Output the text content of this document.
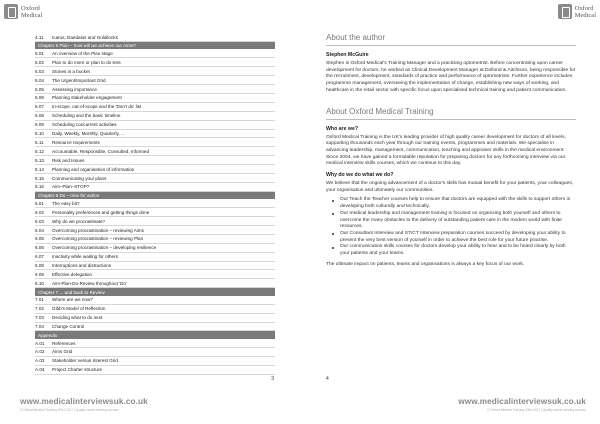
Oxford
Medical
4.11	Icarus, Daedalus and Goldilocks
Chapter 5 Plan – how will we achieve our Aims?
5.01	An overview of the Plan stage
5.02	Plan to do more or plan to do less
5.03	Stones in a bucket
5.04	The Urgent/Important Grid
5.05	Assessing importance
5.06	Planning stakeholder engagement
5.07	In-scope, out-of-scope and the 'Don't do' list
5.08	Scheduling and the basic timeline
5.09	Scheduling concurrent activities
5.10	Daily, Weekly, Monthly, Quarterly, ...
5.11	Resource requirements
5.12	Accountable, Responsible, Consulted, Informed
5.13	Risk and Issues
5.14	Planning and organisation of information
5.15	Communicating your plans
5.16	Aim–Plan–STOP?
Chapter 6 Do – time for action
6.01	The easy bit?
6.02	Personality preferences and getting things done
6.03	Why do we procrastinate?
6.04	Overcoming procrastination – reviewing Aims
6.05	Overcoming procrastination – reviewing Plan
6.06	Overcoming procrastination – developing resilience
6.07	Inactivity while waiting for others
6.08	Interruptions and distractions
6.09	Effective delegation
6.10	Aim-Plan-Do-Review throughout 'Do'
Chapter 7 ... and back to Review
7.01	Where are we now?
7.02	Gibb's Model of Reflection
7.03	Deciding what to do next
7.04	Change Control
Appendix
A.01	References
A.02	Aims Grid
A.03	Stakeholder versus Interest Grid
A.04	Project Charter structure
3
www.medicalinterviewsuk.co.uk
© Oxford Medical Training 2004-2017 | Quality career training courses
Oxford
Medical
About the author
Stephen McGuire

Stephen is Oxford Medical's Training Manager and a practising optometrist. Before concentrating upon career development for doctors, he worked as Clinical Development Manager at Dollond & Aitchison, being responsible for the recruitment, development, standards of practice and performance of optometrists. Further experience includes programme management, overseeing the implementation of change, establishing new ways of working, and healthcare in the retail sector with specific focus upon specialised technical training and patient communication.

About Oxford Medical Training
Who are we?

Oxford Medical Training is the UK's leading provider of high quality career development for doctors of all levels, supporting thousands each year through our training events, programmes and materials. We specialise in advancing leadership, management, communication, teaching and appraiser skills in the medical environment. Since 2004, we have gained a formidable reputation for preparing doctors for any forthcoming interview via our medical interview skills courses, which we continue to this day.

Why do we do what we do?

We believe that the ongoing advancement of a doctor's skills has mutual benefit for your patients, your colleagues, your organisation and ultimately our communities.

Our Teach the Teacher courses help to ensure that doctors are equipped with the skills to support others in developing both culturally and technically.
Our medical leadership and management training is focused on organising both yourself and others to overcome the many obstacles to the delivery of outstanding patient care in the modern world with finite resources.
Our Consultant Interview and ST/CT Interview preparation courses succeed by developing your ability to present the very best version of yourself in order to achieve the best role for your future practise.
Our communication skills courses for doctors develop your ability to hear and to be heard clearly by both your patients and your teams.

The ultimate impact on patients, teams and organisations is always a key focus of our work.

4
www.medicalinterviewsuk.co.uk
© Oxford Medical Training 2004-2017 | Quality career training courses
